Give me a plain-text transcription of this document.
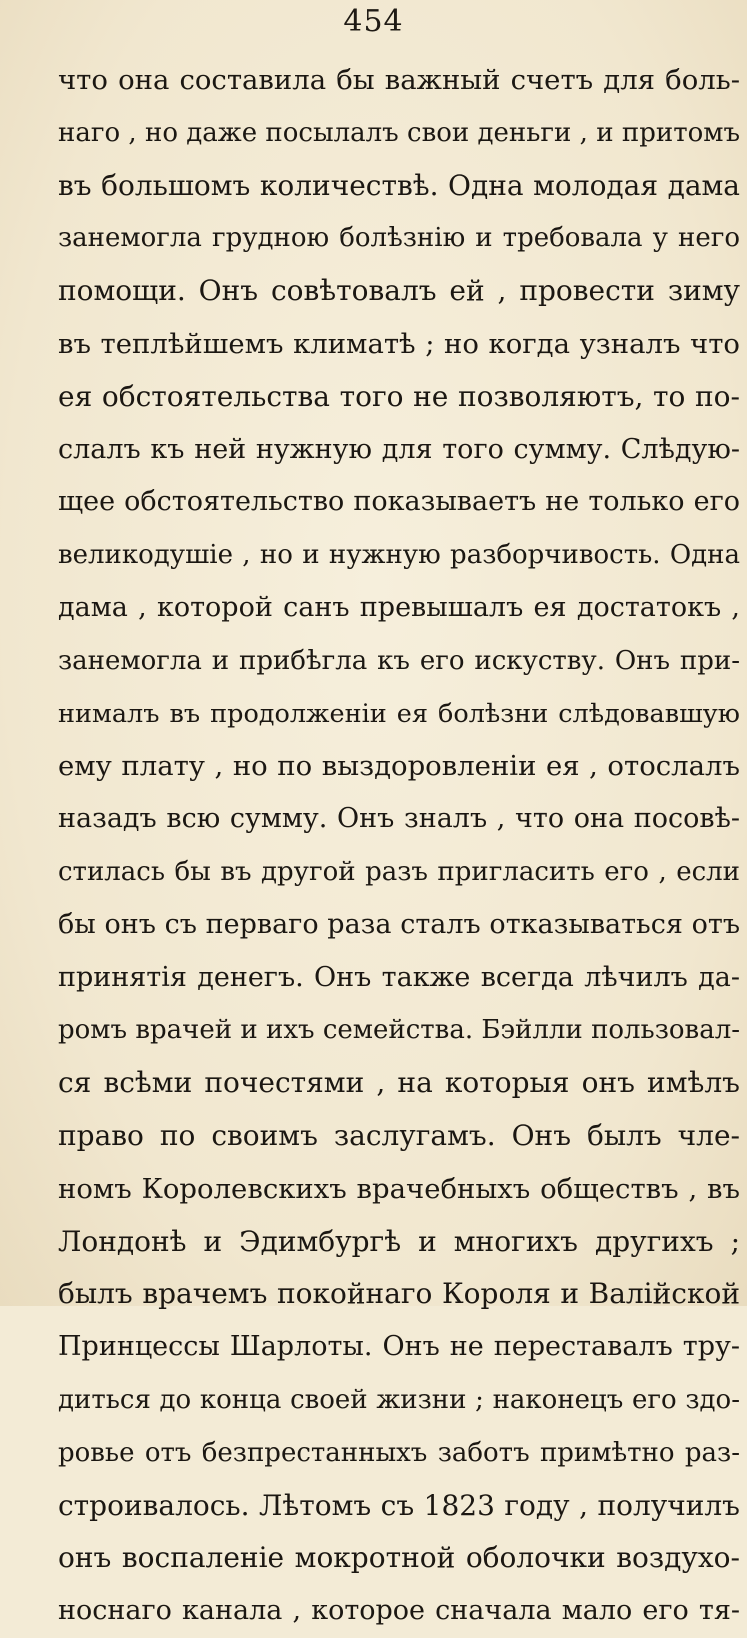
454
что она составила бы важный счетъ для боль-
наго , но даже посылалъ свои деньги , и притомъ
въ большомъ количествѣ. Одна молодая дама
занемогла грудною болѣзнію и требовала у него
помощи. Онъ совѣтовалъ ей , провести зиму
въ теплѣйшемъ климатѣ ; но когда узналъ что
ея обстоятельства того не позволяютъ, то по-
слалъ къ ней нужную для того сумму. Слѣдую-
щее обстоятельство показываетъ не только его
великодушіе , но и нужную разборчивость. Одна
дама , которой санъ превышалъ ея достатокъ ,
занемогла и прибѣгла къ его искуству. Онъ при-
нималъ въ продолженіи ея болѣзни слѣдовавшую
ему плату , но по выздоровленіи ея , отослалъ
назадъ всю сумму. Онъ зналъ , что она посовѣ-
стилась бы въ другой разъ пригласить его , если
бы онъ съ перваго раза сталъ отказываться отъ
принятія денегъ. Онъ также всегда лѣчилъ да-
ромъ врачей и ихъ семейства. Бэйлли пользовал-
ся всѣми почестями , на которыя онъ имѣлъ
право по своимъ заслугамъ. Онъ былъ чле-
номъ Королевскихъ врачебныхъ обществъ , въ
Лондонѣ и Эдимбургѣ и многихъ другихъ ;
былъ врачемъ покойнаго Короля и Валійской
Принцессы Шарлоты. Онъ не переставалъ тру-
диться до конца своей жизни ; наконецъ его здо-
ровье отъ безпрестанныхъ заботъ примѣтно раз-
строивалось. Лѣтомъ съ 1823 году , получилъ
онъ воспаленіе мокротной оболочки воздухо-
носнаго канала , которое сначала мало его тя-
